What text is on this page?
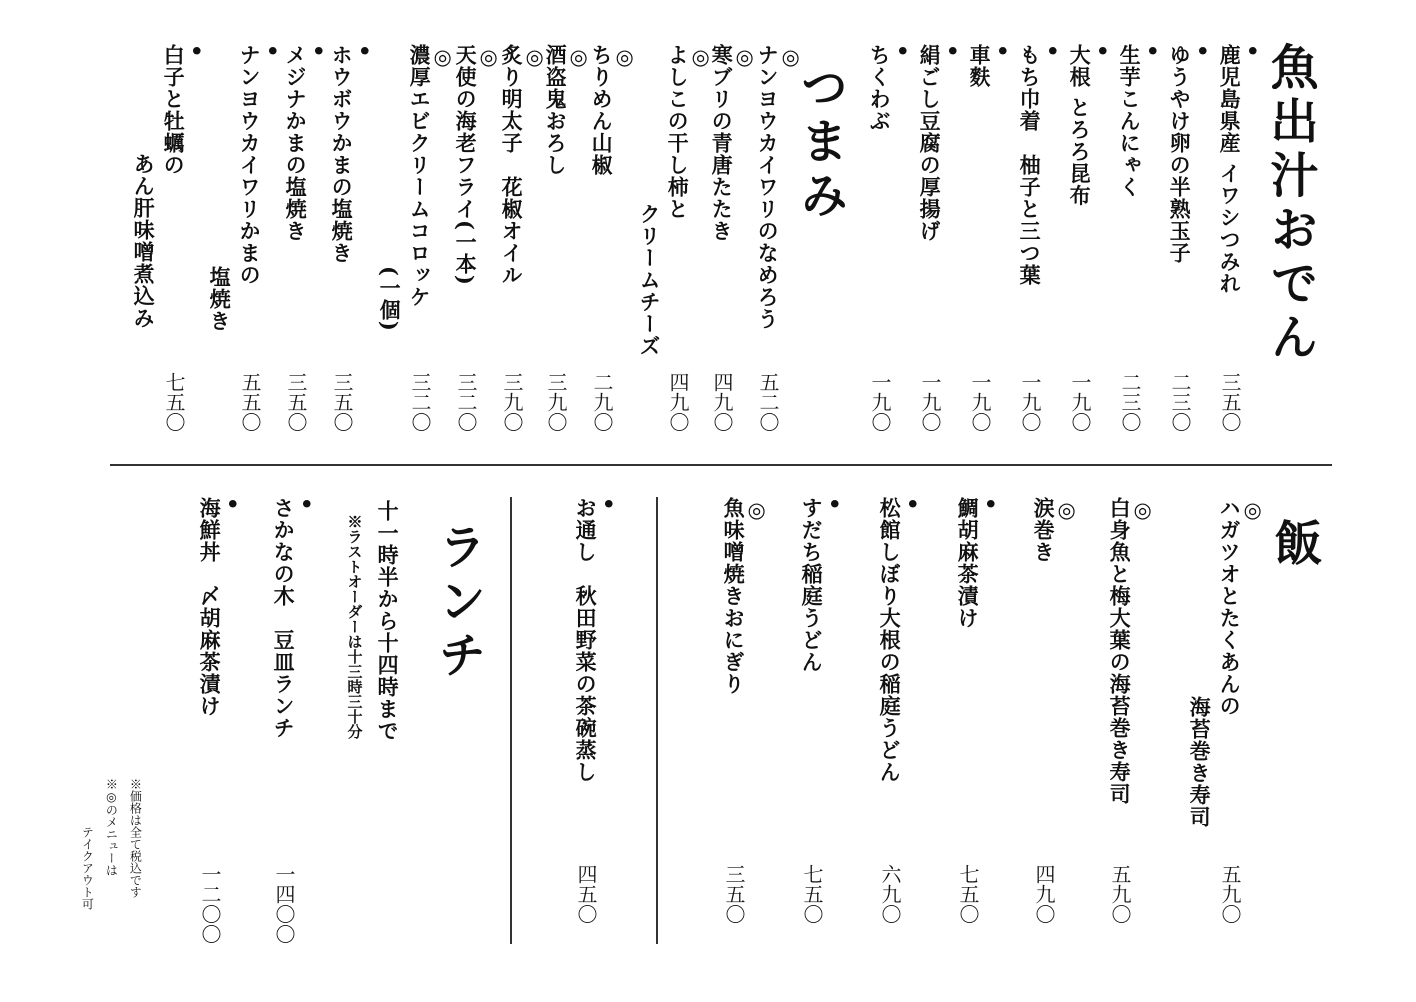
魚出汁おでん
•
鹿児島県産 イワシつみれ
三五〇
•
ゆうやけ卵の半熟玉子
二三〇
•
生芋こんにゃく
二三〇
•
大根 とろろ昆布
一九〇
•
もち巾着　柚子と三つ葉
一九〇
•
車麩
一九〇
•
絹ごし豆腐の厚揚げ
一九〇
•
ちくわぶ
一九〇
つまみ
◎
ナンヨウカイワリのなめろう
五二〇
◎
寒ブリの青唐たたき
四九〇
◎
よしこの干し柿と
クリームチーズ
四九〇
◎
ちりめん山椒
二九〇
◎
酒盗鬼おろし
三九〇
◎
炙り明太子　花椒オイル
三九〇
◎
天使の海老フライ(一本)
三二〇
◎
濃厚エビクリームコロッケ
(一個)
三二〇
•
ホウボウかまの塩焼き
三五〇
•
メジナかまの塩焼き
三五〇
•
ナンヨウカイワリかまの
塩焼き
五五〇
•
白子と牡蠣の
あん肝味噌煮込み
七五〇
飯
◎
ハガツオとたくあんの
海苔巻き寿司
五九〇
◎
白身魚と梅大葉の海苔巻き寿司
五九〇
◎
涙巻き
四九〇
•
鯛胡麻茶漬け
七五〇
•
松館しぼり大根の稲庭うどん
六九〇
•
すだち稲庭うどん
七五〇
◎
魚味噌焼きおにぎり
三五〇
•
お通し　秋田野菜の茶碗蒸し
四五〇
ランチ
十一時半から十四時まで
※ラストオーダーは十三時三十分
•
さかなの木　豆皿ランチ
一四〇〇
•
海鮮丼　〆胡麻茶漬け
一二〇〇
※価格は全て税込です
※◎のメニューは
テイクアウト可
